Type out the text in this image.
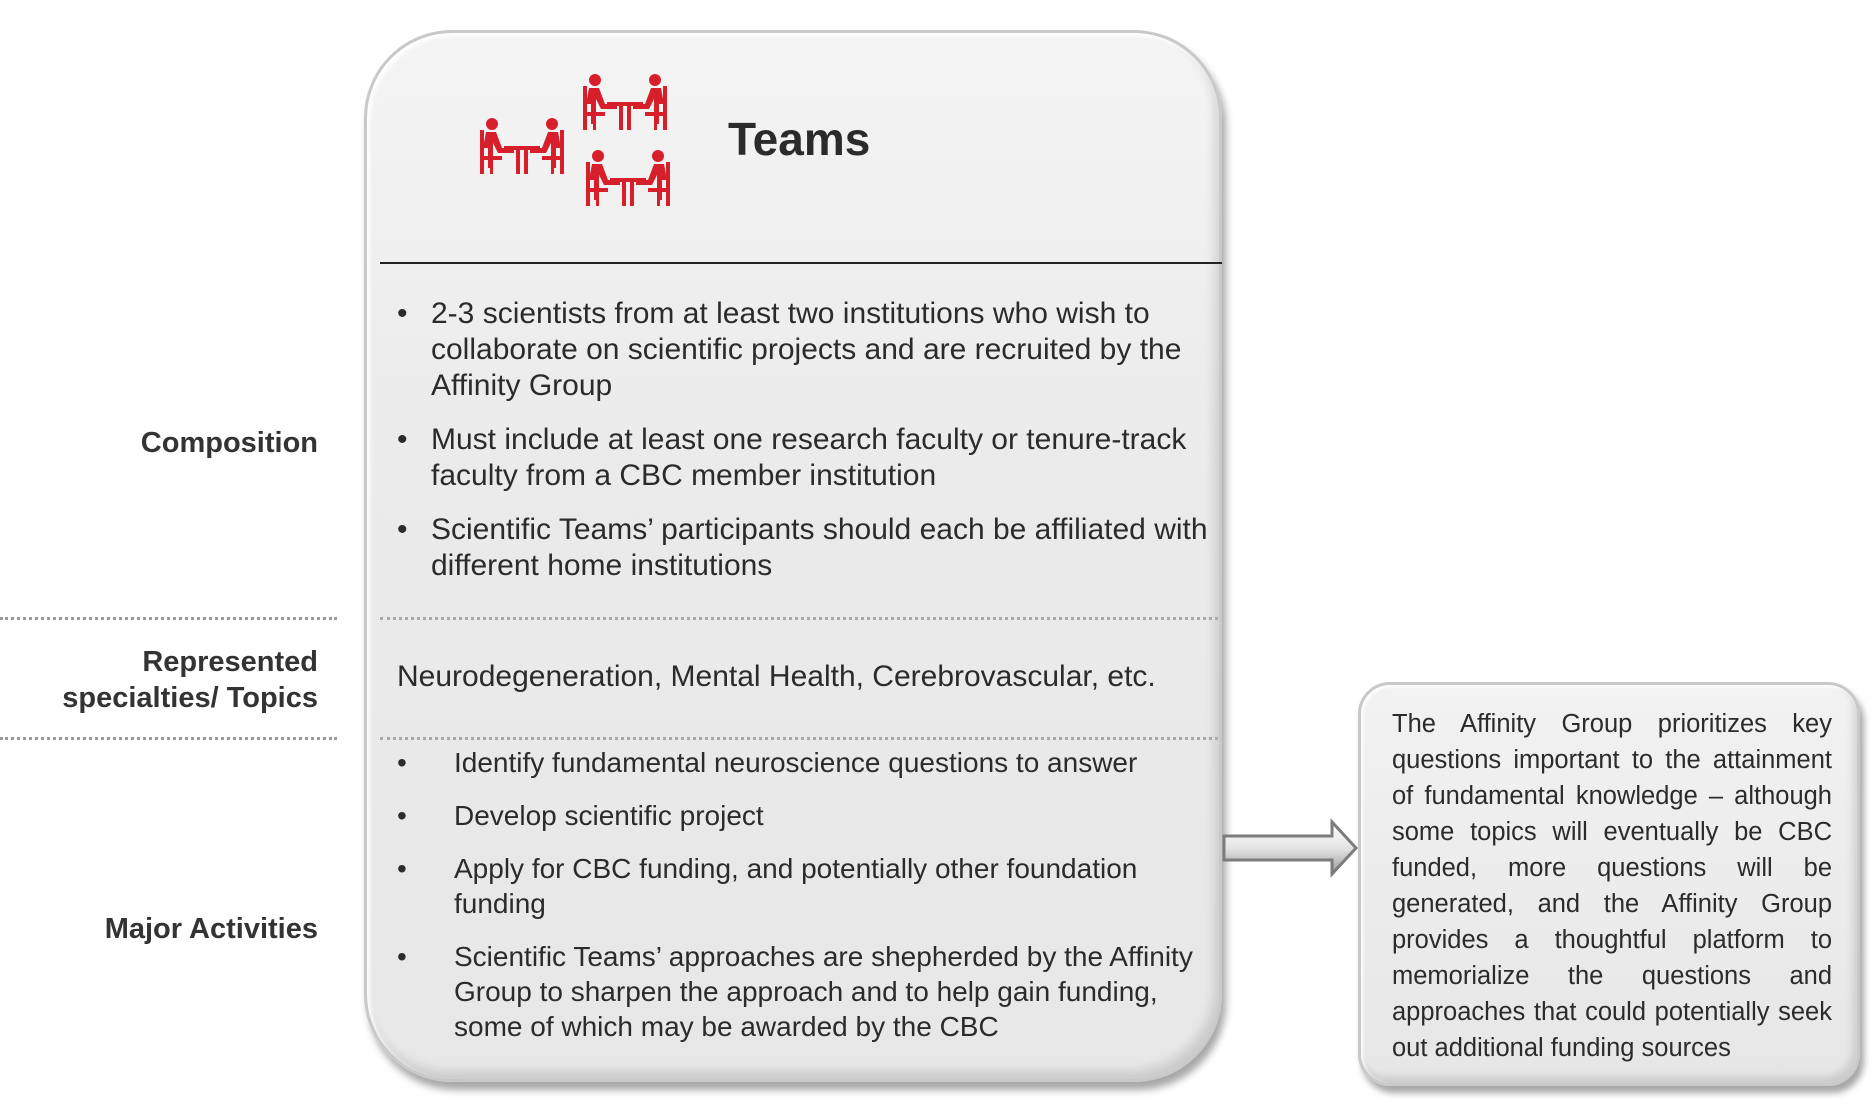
Composition
Represented
specialties/ Topics
Major Activities
Teams
• 2-3 scientists from at least two institutions who wish to collaborate on scientific projects and are recruited by the Affinity Group
• Must include at least one research faculty or tenure-track faculty from a CBC member institution
• Scientific Teams’ participants should each be affiliated with different home institutions
Neurodegeneration, Mental Health, Cerebrovascular, etc.
• Identify fundamental neuroscience questions to answer
• Develop scientific project
• Apply for CBC funding, and potentially other foundation funding
• Scientific Teams’ approaches are shepherded by the Affinity Group to sharpen the approach and to help gain funding, some of which may be awarded by the CBC
The Affinity Group prioritizes key questions important to the attainment of fundamental knowledge – although some topics will eventually be CBC funded, more questions will be generated, and the Affinity Group provides a thoughtful platform to memorialize the questions and approaches that could potentially seek out additional funding sources
